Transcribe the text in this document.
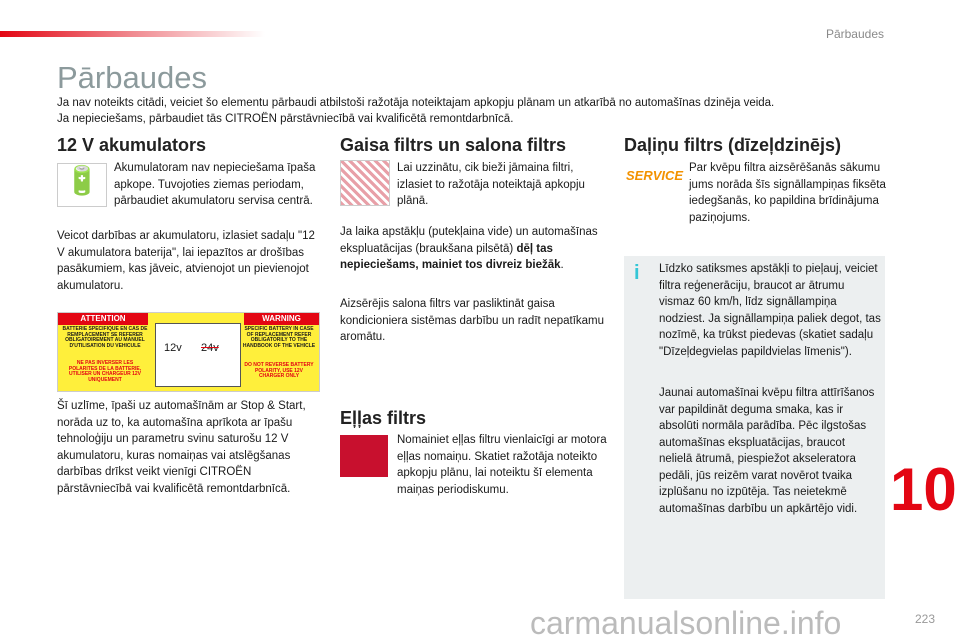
Pārbaudes
Pārbaudes
Ja nav noteikts citādi, veiciet šo elementu pārbaudi atbilstoši ražotāja noteiktajam apkopju plānam un atkarībā no automašīnas dzinēja veida.
Ja nepieciešams, pārbaudiet tās CITROËN pārstāvniecībā vai kvalificētā remontdarbnīcā.
12 V akumulators
🔋	Akumulatoram nav nepieciešama īpaša apkope. Tuvojoties ziemas periodam, pārbaudiet akumulatoru servisa centrā.
Veicot darbības ar akumulatoru, izlasiet sadaļu "12 V akumulatora baterija", lai iepazītos ar drošības pasākumiem, kas jāveic, atvienojot un pievienojot akumulatoru.
ATTENTION	WARNING
BATTERIE SPECIFIQUE EN CAS DE REMPLACEMENT SE REFERER OBLIGATOIREMENT AU MANUEL D'UTILISATION DU VEHICULE
NE PAS INVERSER LES POLARITES DE LA BATTERIE, UTILISER UN CHARGEUR 12V UNIQUEMENT
SPECIFIC BATTERY IN CASE OF REPLACEMENT REFER OBLIGATORILY TO THE HANDBOOK OF THE VEHICLE
DO NOT REVERSE BATTERY POLARITY, USE 12V CHARGER ONLY
12v 24v
Šī uzlīme, īpaši uz automašīnām ar Stop & Start, norāda uz to, ka automašīna aprīkota ar īpašu tehnoloģiju un parametru svinu saturošu 12 V akumulatoru, kuras nomaiņas vai atslēgšanas darbības drīkst veikt vienīgi CITROËN pārstāvniecībā vai kvalificētā remontdarbnīcā.
Gaisa filtrs un salona filtrs
Lai uzzinātu, cik bieži jāmaina filtri, izlasiet to ražotāja noteiktajā apkopju plānā.
Ja laika apstākļu (putekļaina vide) un automašīnas ekspluatācijas (braukšana pilsētā) dēļ tas nepieciešams, mainiet tos divreiz biežāk.
Aizsērējis salona filtrs var pasliktināt gaisa kondicioniera sistēmas darbību un radīt nepatīkamu aromātu.
Eļļas filtrs
Nomainiet eļļas filtru vienlaicīgi ar motora eļļas nomaiņu. Skatiet ražotāja noteikto apkopju plānu, lai noteiktu šī elementa maiņas periodiskumu.
Daļiņu filtrs (dīzeļdzinējs)
SERVICE Par kvēpu filtra aizsērēšanās sākumu jums norāda šīs signāllampiņas fiksēta iedegšanās, ko papildina brīdinājuma paziņojums.
i Līdzko satiksmes apstākļi to pieļauj, veiciet filtra reģenerāciju, braucot ar ātrumu vismaz 60 km/h, līdz signāllampiņa nodziest. Ja signāllampiņa paliek degot, tas nozīmē, ka trūkst piedevas (skatiet sadaļu "Dīzeļdegvielas papildvielas līmenis").
Jaunai automašīnai kvēpu filtra attīrīšanos var papildināt deguma smaka, kas ir absolūti normāla parādība. Pēc ilgstošas automašīnas ekspluatācijas, braucot nelielā ātrumā, piespiežot akseleratora pedāli, jūs reizēm varat novērot tvaika izplūšanu no izpūtēja. Tas neietekmē automašīnas darbību un apkārtējo vidi. 10
carmanualsonline.info	223
